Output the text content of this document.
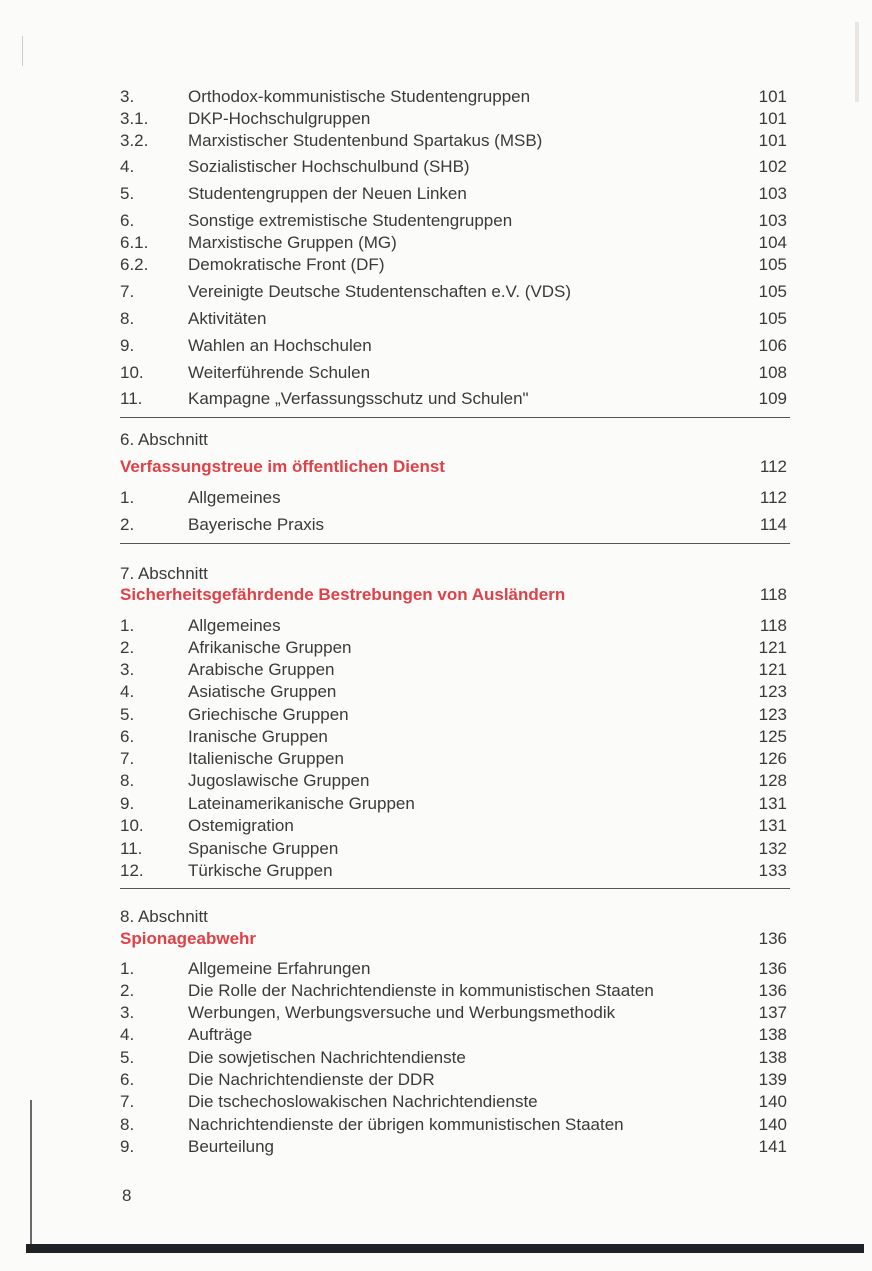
3.	Orthodox-kommunistische Studentengruppen	101
3.1. DKP-Hochschulgruppen	101
3.2. Marxistischer Studentenbund Spartakus (MSB)	101
4.	Sozialistischer Hochschulbund (SHB)	102
5.	Studentengruppen der Neuen Linken	103
6.	Sonstige extremistische Studentengruppen	103
6.1. Marxistische Gruppen (MG)	104
6.2. Demokratische Front (DF)	105
7.	Vereinigte Deutsche Studentenschaften e.V. (VDS)	105
8.	Aktivitäten	105
9.	Wahlen an Hochschulen	106
10.	Weiterführende Schulen	108
11.	Kampagne „Verfassungsschutz und Schulen"	109
6. Abschnitt
Verfassungstreue im öffentlichen Dienst	112
1.	Allgemeines	112
2.	Bayerische Praxis	114
7. Abschnitt
Sicherheitsgefährdende Bestrebungen von Ausländern	118
1.	Allgemeines	118
2.	Afrikanische Gruppen	121
3.	Arabische Gruppen	121
4.	Asiatische Gruppen	123
5.	Griechische Gruppen	123
6.	Iranische Gruppen	125
7.	Italienische Gruppen	126
8.	Jugoslawische Gruppen	128
9.	Lateinamerikanische Gruppen	131
10.	Ostemigration	131
11.	Spanische Gruppen	132
12.	Türkische Gruppen	133
8. Abschnitt
Spionageabwehr	136
1.	Allgemeine Erfahrungen	136
2.	Die Rolle der Nachrichtendienste in kommunistischen Staaten	136
3.	Werbungen, Werbungsversuche und Werbungsmethodik	137
4.	Aufträge	138
5.	Die sowjetischen Nachrichtendienste	138
6.	Die Nachrichtendienste der DDR	139
7.	Die tschechoslowakischen Nachrichtendienste	140
8.	Nachrichtendienste der übrigen kommunistischen Staaten	140
9.	Beurteilung	141
8
